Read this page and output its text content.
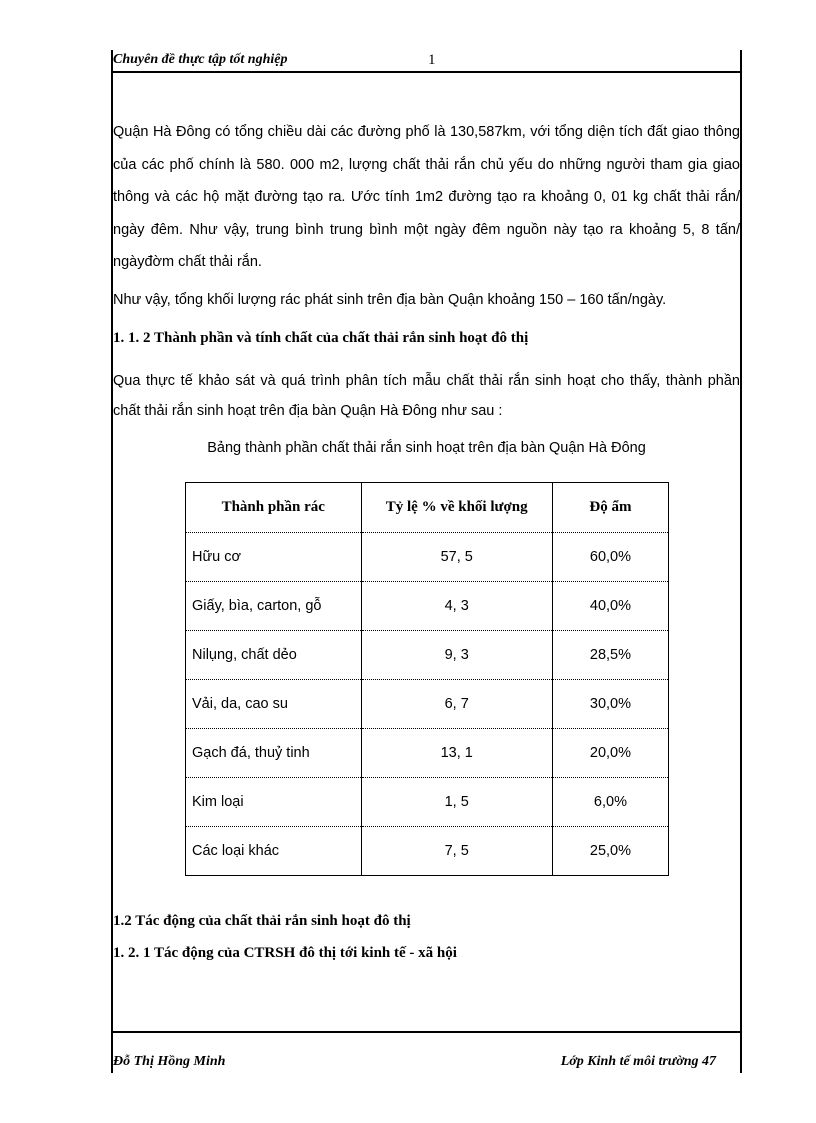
Chuyên đề thực tập tốt nghiệp	1

Quận Hà Đông có tổng chiều dài các đường phố là 130,587km, với tổng diện tích đất giao thông của các phố chính là 580. 000 m2, lượng chất thải rắn chủ yếu do những người tham gia giao thông và các hộ mặt đường tạo ra. Ước tính 1m2 đường tạo ra khoảng 0, 01 kg chất thải rắn/ ngày đêm. Như vậy, trung bình trung bình một ngày đêm nguồn này tạo ra khoảng 5, 8 tấn/ ngàyđờm chất thải rắn.

Như vậy, tổng khối lượng rác phát sinh trên địa bàn Quận khoảng 150 – 160 tấn/ngày.

1. 1. 2 Thành phần và tính chất của chất thải rắn sinh hoạt đô thị

Qua thực tế khảo sát và quá trình phân tích mẫu chất thải rắn sinh hoạt cho thấy, thành phần chất thải rắn sinh hoạt trên địa bàn Quận Hà Đông như sau :

Bảng thành phần chất thải rắn sinh hoạt trên địa bàn Quận Hà Đông

1.2 Tác động của chất thải rắn sinh hoạt đô thị

1. 2. 1 Tác động của CTRSH đô thị tới kinh tế - xã hội

Thành phần rác	Tỷ lệ % về khối lượng	Độ ẩm
Hữu cơ	57, 5	60,0%
Giấy, bìa, carton, gỗ	4, 3	40,0%
Nilụng, chất dẻo	9, 3	28,5%
Vải, da, cao su	6, 7	30,0%
Gạch đá, thuỷ tinh	13, 1	20,0%
Kim loại	1, 5	6,0%
Các loại khác	7, 5	25,0%
Đỗ Thị Hồng Minh	Lớp Kinh tế môi trường 47
